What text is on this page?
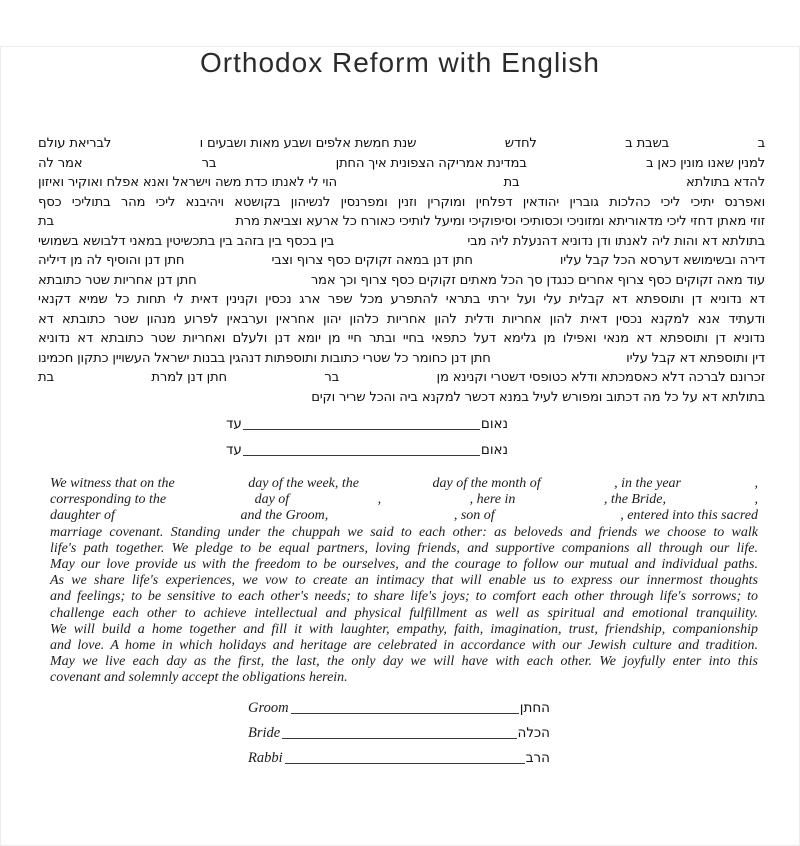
Orthodox Reform with English
ב
בשבת ב
לחדש
שנת חמשת אלפים ושבע מאות ושבעים ו
לבריאת עולם
למנין שאנו מונין כאן ב
במדינת אמריקה הצפונית איך החתן
בר
אמר לה
להדא בתולתא
בת
הוי לי לאנתו כדת משה וישראל ואנא אפלח ואוקיר ואיזון
ואפרנס יתיכי ליכי כהלכות גוברין יהודאין דפלחין ומוקרין וזנין ומפרנסין לנשיהון בקושטא ויהיבנא ליכי מהר בתוליכי כסף
זוזי מאתן דחזי ליכי מדאוריתא ומזוניכי וכסותיכי וסיפוקיכי ומיעל לותיכי כאורח כל ארעא וצביאת מרת
בת
בתולתא דא והות ליה לאנתו ודן נדוניא דהנעלת ליה מבי
בין בכסף בין בזהב בין בתכשיטין במאני דלבושא בשמושי
דירה ובשימושא דערסא הכל קבל עליו
חתן דנן במאה זקוקים כסף צרוף וצבי
חתן דנן והוסיף לה מן דיליה
עוד מאה זקוקים כסף צרוף אחרים כנגדן סך הכל מאתים זקוקים כסף צרוף וכך אמר
חתן דנן אחריות שטר כתובתא
דא נדוניא דן ותוספתא דא קבלית עלי ועל ירתי בתראי להתפרע מכל שפר ארג נכסין וקנינין דאית לי תחות כל שמיא דקנאי
ודעתיד אנא למקנא נכסין דאית להון אחריות ודלית להון אחריות כלהון יהון אחראין וערבאין לפרוע מנהון שטר כתובתא דא
נדוניא דן ותוספתא דא מנאי ואפילו מן גלימא דעל כתפאי בחיי ובתר חיי מן יומא דנן ולעלם ואחריות שטר כתובתא דא נדוניא
דין ותוספתא דא קבל עליו
חתן דנן כחומר כל שטרי כתובות ותוספתות דנהגין בבנות ישראל העשויין כתקון חכמינו
זכרונם לברכה דלא כאסמכתא ודלא כטופסי דשטרי וקנינא מן
בר
חתן דנן למרת
בת
בתולתא דא על כל מה דכתוב ומפורש לעיל במנא דכשר למקנא ביה והכל שריר וקים
נאום
עד
נאום
עד
We witness that on the	day of the week, the	day of the month of	, in the year	,
corresponding to the	day of	,	, here in	, the Bride,	,
daughter of	and the Groom,	, son of	, entered into this sacred
marriage covenant. Standing under the chuppah we said to each other: as beloveds and friends we choose to walk
life's path together. We pledge to be equal partners, loving friends, and supportive companions all through our life.
May our love provide us with the freedom to be ourselves, and the courage to follow our mutual and individual paths.
As we share life's experiences, we vow to create an intimacy that will enable us to express our innermost thoughts
and feelings; to be sensitive to each other's needs; to share life's joys; to comfort each other through life's sorrows; to
challenge each other to achieve intellectual and physical fulfillment as well as spiritual and emotional tranquility.
We will build a home together and fill it with laughter, empathy, faith, imagination, trust, friendship, companionship
and love. A home in which holidays and heritage are celebrated in accordance with our Jewish culture and tradition.
May we live each day as the first, the last, the only day we will have with each other. We joyfully enter into this
covenant and solemnly accept the obligations herein.
Groom	החתן
Bride	הכלה
Rabbi	הרב
